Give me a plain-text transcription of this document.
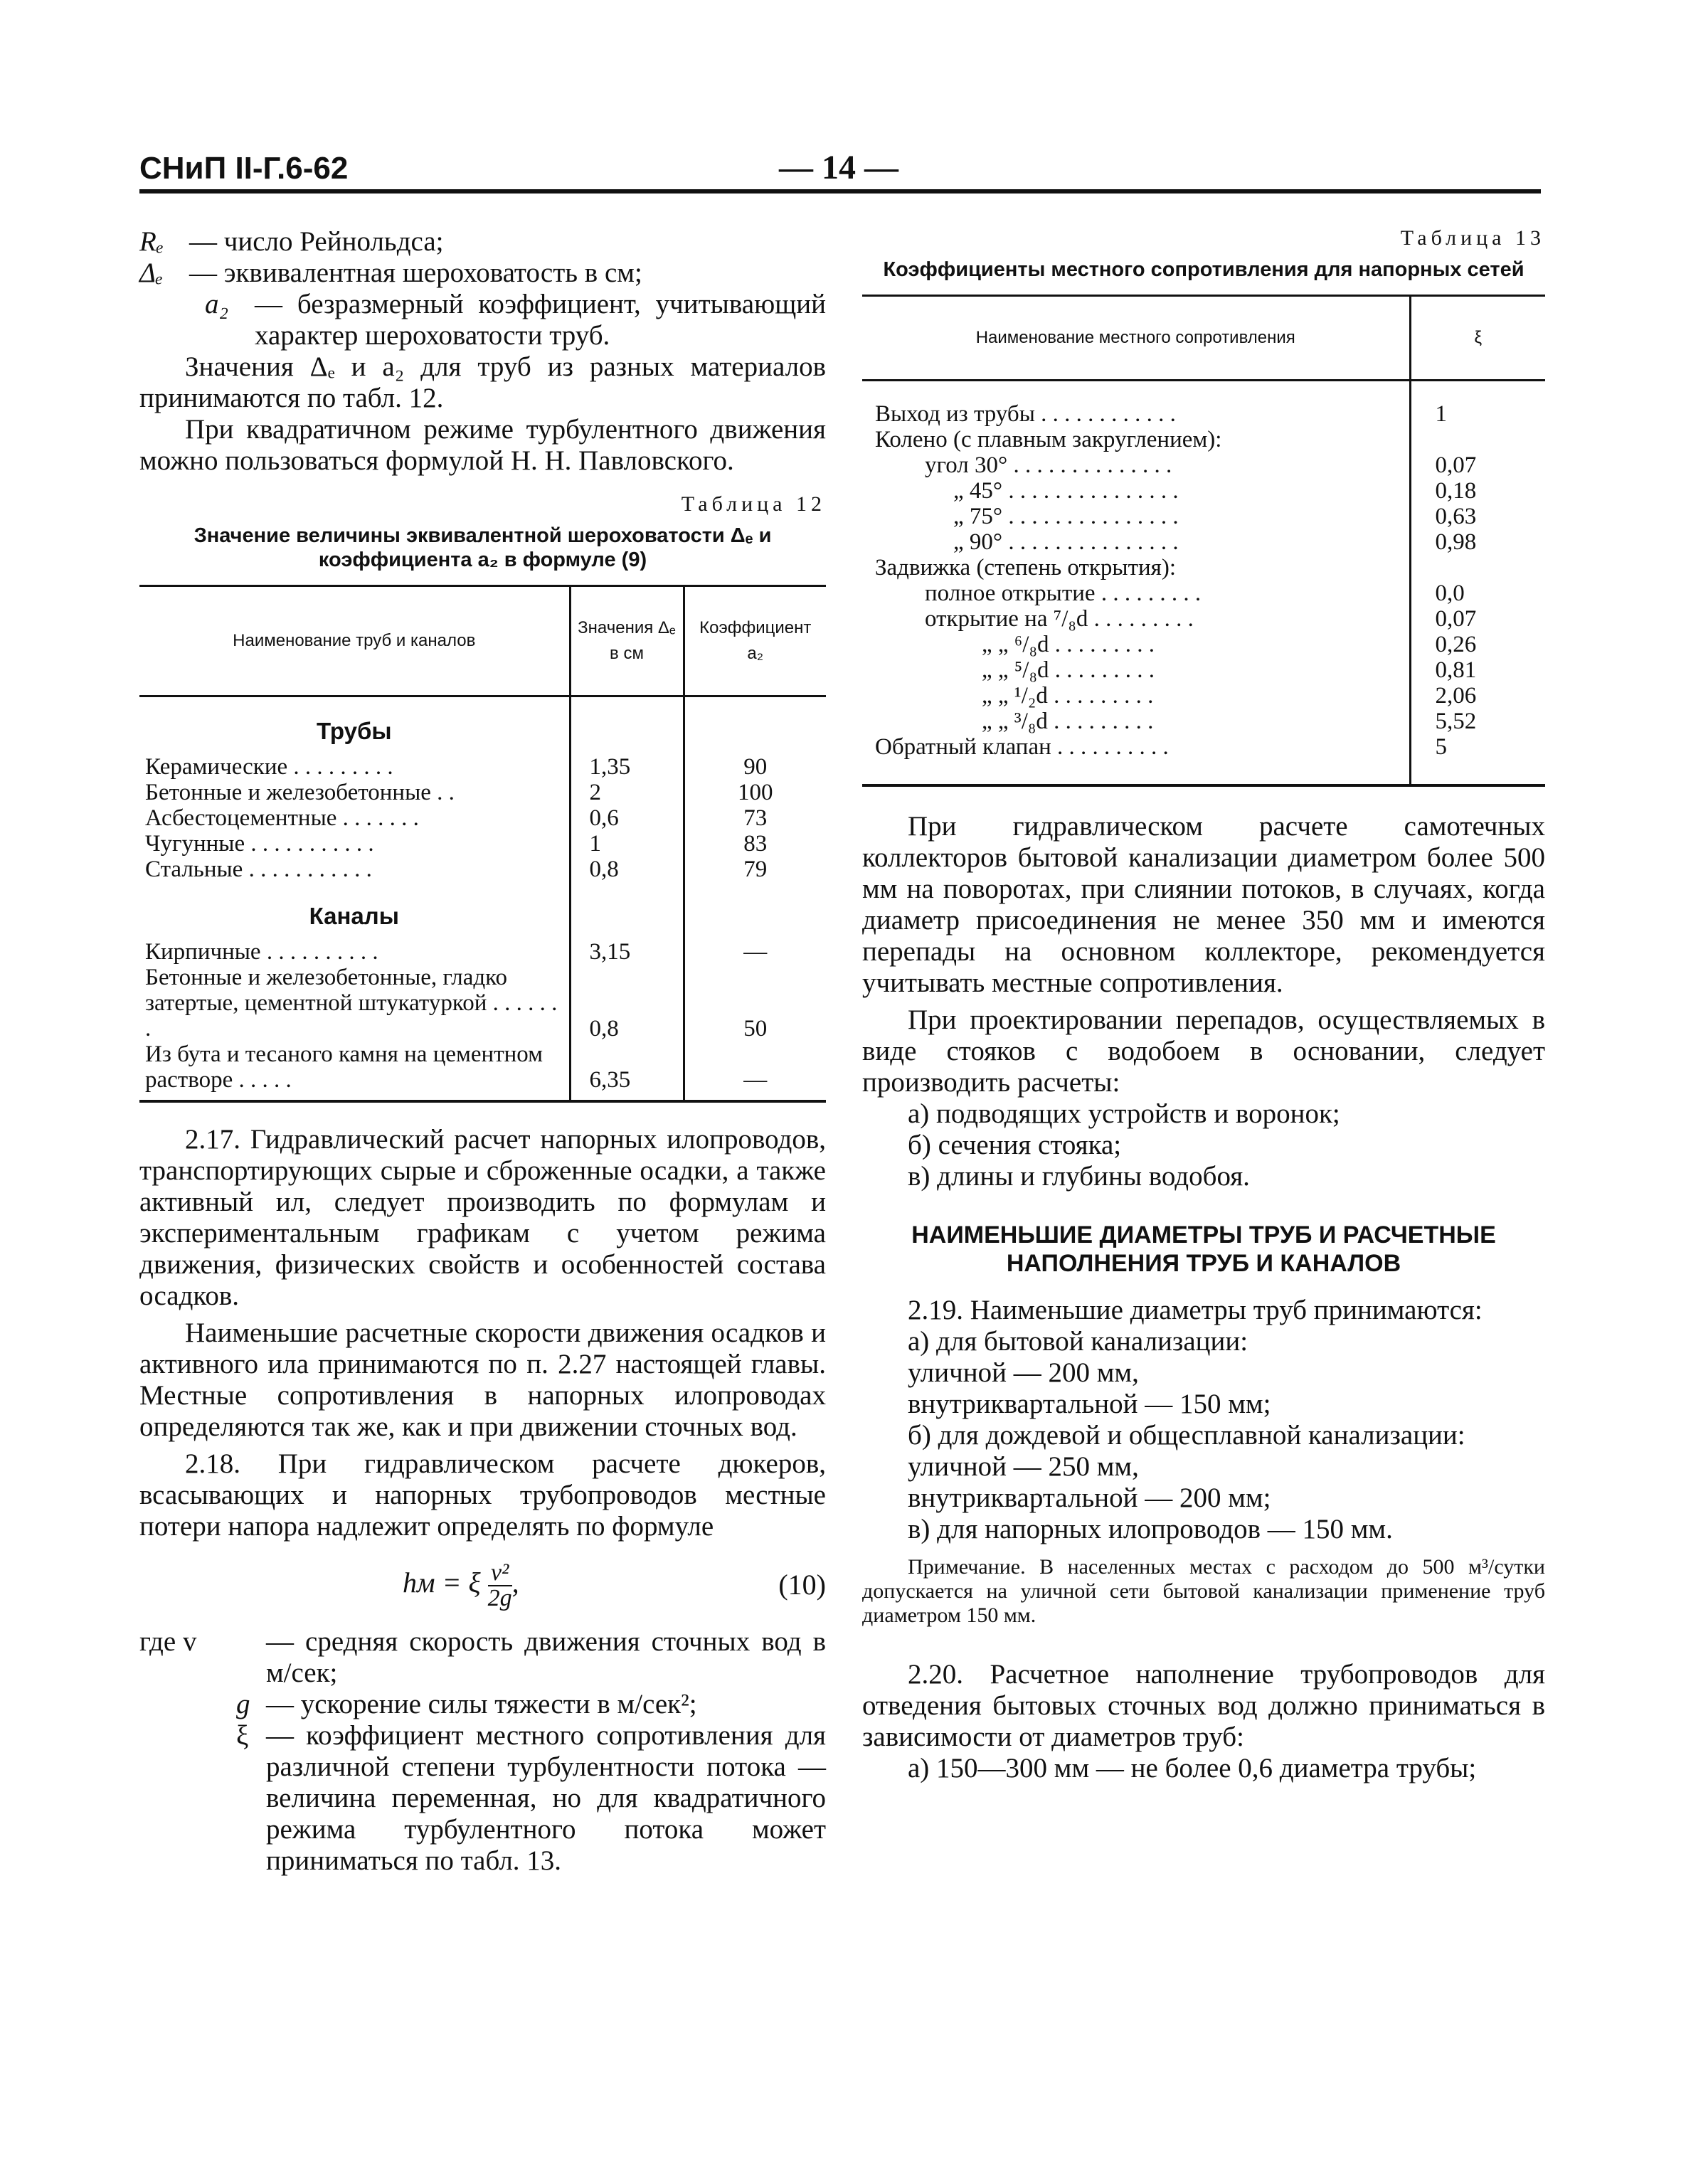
СНиП II-Г.6-62	— 14 —

Rₑ — число Рейнольдса;

Δₑ — эквивалентная шероховатость в см;

a₂ — безразмерный коэффициент, учитывающий характер шероховатости труб.

Значения Δₑ и a₂ для труб из разных материалов принимаются по табл. 12.

При квадратичном режиме турбулентного движения можно пользоваться формулой Н. Н. Павловского.

Таблица 12
Значение величины эквивалентной шероховатости Δₑ и коэффициента a₂ в формуле (9)
Наименование труб и каналов	Значения Δₑ в см	Коэффициент a₂
Трубы		
Керамические . . . . . . . . .	1,35	90
Бетонные и железобетонные . .	2	100
Асбестоцементные . . . . . . .	0,6	73
Чугунные . . . . . . . . . . .	1	83
Стальные . . . . . . . . . . .	0,8	79
Каналы		
Кирпичные . . . . . . . . . .	3,15	—
Бетонные и железобетонные, гладко затертые, цементной штукатуркой . . . . . . .	0,8	50
Из бута и тесаного камня на цементном растворе . . . . .	6,35	—

2.17. Гидравлический расчет напорных илопроводов, транспортирующих сырые и сброженные осадки, а также активный ил, следует производить по формулам и экспериментальным графикам с учетом режима движения, физических свойств и особенностей состава осадков.

Наименьшие расчетные скорости движения осадков и активного ила принимаются по п. 2.27 настоящей главы. Местные сопротивления в напорных илопроводах определяются так же, как и при движении сточных вод.

2.18. При гидравлическом расчете дюкеров, всасывающих и напорных трубопроводов местные потери напора надлежит определять по формуле

hм = ξ $\frac{\text{v²}}{2g}$,	(10)

где v	— средняя скорость движения сточных вод в м/сек;

g — ускорение силы тяжести в м/сек²;

ξ — коэффициент местного сопротивления для различной степени турбулентности потока — величина переменная, но для квадратичного режима турбулентного потока может приниматься по табл. 13.

Таблица 13
Коэффициенты местного сопротивления для напорных сетей
Наименование местного сопротивления	ξ
Выход из трубы . . . . . . . . . . . .	1
Колено (с плавным закруглением):	
угол 30° . . . . . . . . . . . . . .	0,07
„ 45° . . . . . . . . . . . . . . .	0,18
„ 75° . . . . . . . . . . . . . . .	0,63
„ 90° . . . . . . . . . . . . . . .	0,98
Задвижка (степень открытия):	
полное открытие . . . . . . . . .	0,0
открытие на ⁷/₈d . . . . . . . . .	0,07
„ „ ⁶/₈d . . . . . . . . .	0,26
„ „ ⁵/₈d . . . . . . . . .	0,81
„ „ ¹/₂d . . . . . . . . .	2,06
„ „ ³/₈d . . . . . . . . .	5,52
Обратный клапан . . . . . . . . . .	5

При гидравлическом расчете самотечных коллекторов бытовой канализации диаметром более 500 мм на поворотах, при слиянии потоков, в случаях, когда диаметр присоединения не менее 350 мм и имеются перепады на основном коллекторе, рекомендуется учитывать местные сопротивления.

При проектировании перепадов, осуществляемых в виде стояков с водобоем в основании, следует производить расчеты:

а) подводящих устройств и воронок;

б) сечения стояка;

в) длины и глубины водобоя.

НАИМЕНЬШИЕ ДИАМЕТРЫ ТРУБ И РАСЧЕТНЫЕ НАПОЛНЕНИЯ ТРУБ И КАНАЛОВ

2.19. Наименьшие диаметры труб принимаются:

а) для бытовой канализации:

уличной — 200 мм,

внутриквартальной — 150 мм;

б) для дождевой и общесплавной канализации:

уличной — 250 мм,

внутриквартальной — 200 мм;

в) для напорных илопроводов — 150 мм.

Примечание. В населенных местах с расходом до 500 м³/сутки допускается на уличной сети бытовой канализации применение труб диаметром 150 мм.

2.20. Расчетное наполнение трубопроводов для отведения бытовых сточных вод должно приниматься в зависимости от диаметров труб:

а) 150—300 мм — не более 0,6 диаметра трубы;
